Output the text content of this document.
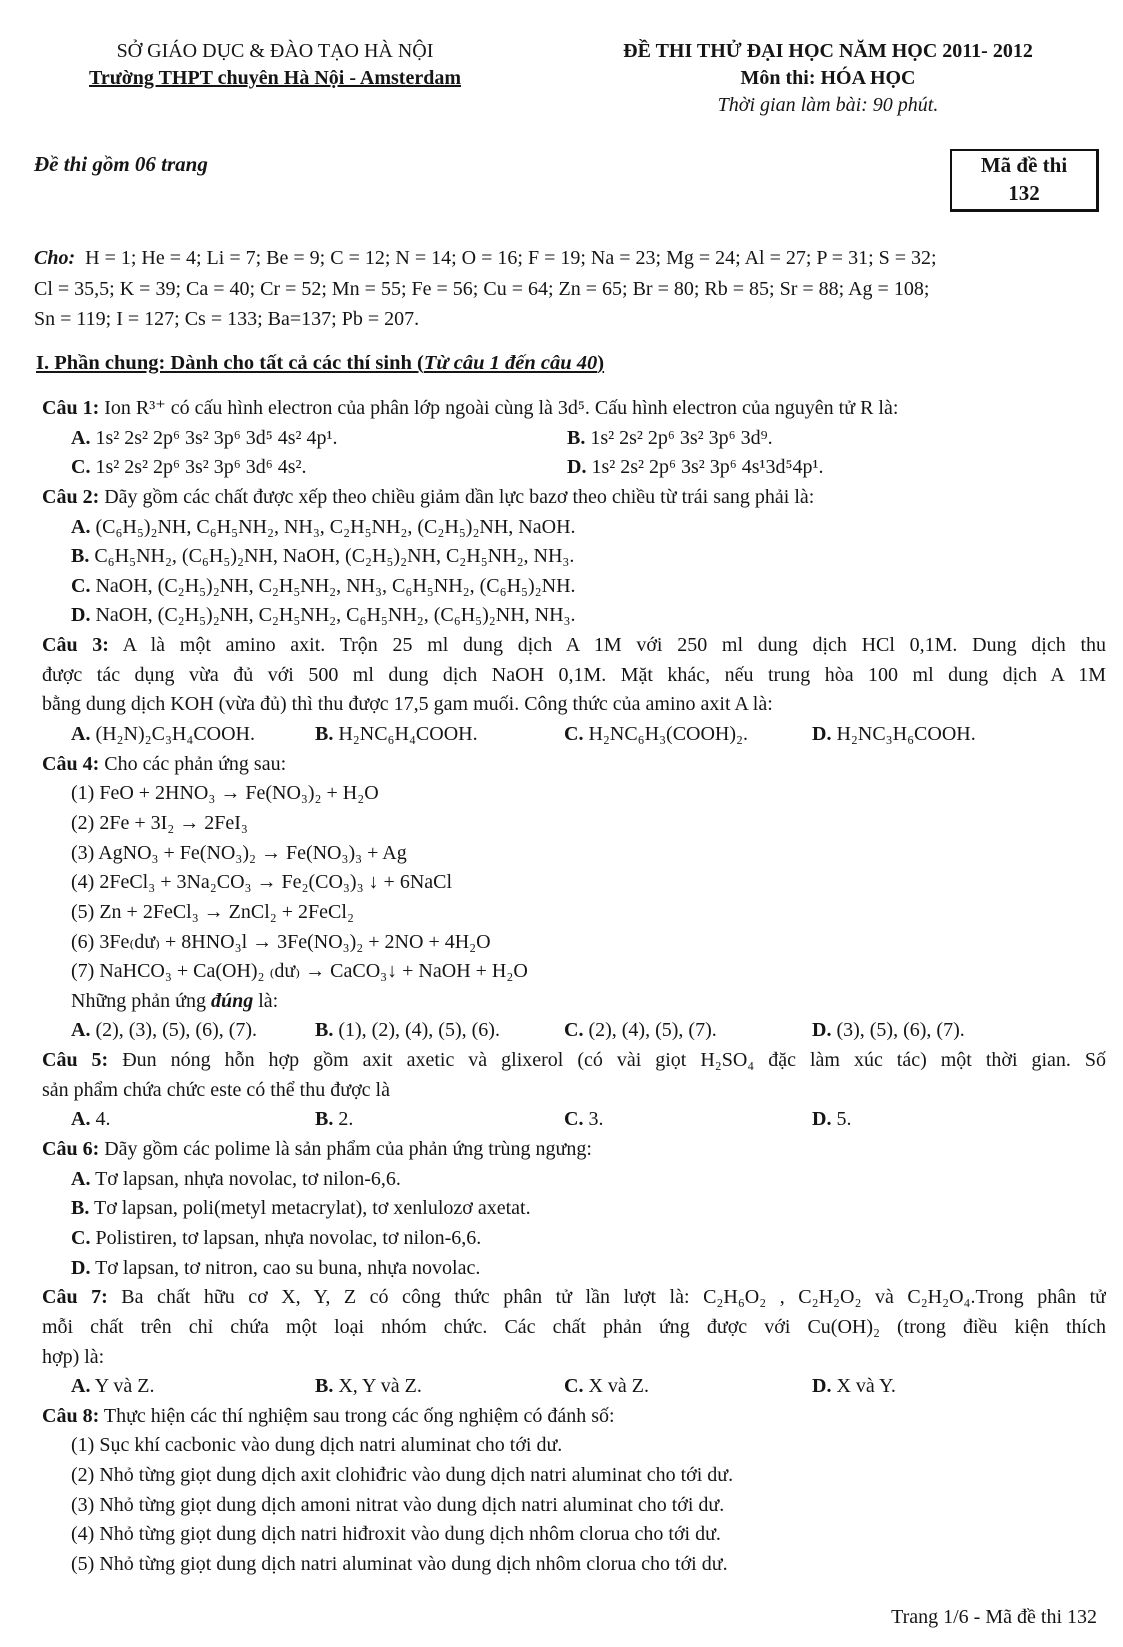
SỞ GIÁO DỤC & ĐÀO TẠO HÀ NỘI
Trường THPT chuyên Hà Nội - Amsterdam
ĐỀ THI THỬ ĐẠI HỌC NĂM HỌC 2011- 2012
Môn thi: HÓA HỌC
Thời gian làm bài: 90 phút.
Đề thi gồm 06 trang	Mã đề thi
132
Cho: H = 1; He = 4; Li = 7; Be = 9; C = 12; N = 14; O = 16; F = 19; Na = 23; Mg = 24; Al = 27; P = 31; S = 32;
Cl = 35,5; K = 39; Ca = 40; Cr = 52; Mn = 55; Fe = 56; Cu = 64; Zn = 65; Br = 80; Rb = 85; Sr = 88; Ag = 108;
Sn = 119; I = 127; Cs = 133; Ba=137; Pb = 207.
I. Phần chung: Dành cho tất cả các thí sinh (Từ câu 1 đến câu 40)
Câu 1: Ion R³⁺ có cấu hình electron của phân lớp ngoài cùng là 3d⁵. Cấu hình electron của nguyên tử R là:
A. 1s² 2s² 2p⁶ 3s² 3p⁶ 3d⁵ 4s² 4p¹.	B. 1s² 2s² 2p⁶ 3s² 3p⁶ 3d⁹.
C. 1s² 2s² 2p⁶ 3s² 3p⁶ 3d⁶ 4s².	D. 1s² 2s² 2p⁶ 3s² 3p⁶ 4s¹3d⁵4p¹.
Câu 2: Dãy gồm các chất được xếp theo chiều giảm dần lực bazơ theo chiều từ trái sang phải là:
A. (C₆H₅)₂NH, C₆H₅NH₂, NH₃, C₂H₅NH₂, (C₂H₅)₂NH, NaOH.
B. C₆H₅NH₂, (C₆H₅)₂NH, NaOH, (C₂H₅)₂NH, C₂H₅NH₂, NH₃.
C. NaOH, (C₂H₅)₂NH, C₂H₅NH₂, NH₃, C₆H₅NH₂, (C₆H₅)₂NH.
D. NaOH, (C₂H₅)₂NH, C₂H₅NH₂, C₆H₅NH₂, (C₆H₅)₂NH, NH₃.
Câu 3: A là một amino axit. Trộn 25 ml dung dịch A 1M với 250 ml dung dịch HCl 0,1M. Dung dịch thu
được tác dụng vừa đủ với 500 ml dung dịch NaOH 0,1M. Mặt khác, nếu trung hòa 100 ml dung dịch A 1M
bằng dung dịch KOH (vừa đủ) thì thu được 17,5 gam muối. Công thức của amino axit A là:
A. (H₂N)₂C₃H₄COOH.	B. H₂NC₆H₄COOH.	C. H₂NC₆H₃(COOH)₂.	D. H₂NC₃H₆COOH.
Câu 4: Cho các phản ứng sau:
(1) FeO + 2HNO₃ → Fe(NO₃)₂ + H₂O
(2) 2Fe + 3I₂ → 2FeI₃
(3) AgNO₃ + Fe(NO₃)₂ → Fe(NO₃)₃ + Ag
(4) 2FeCl₃ + 3Na₂CO₃ → Fe₂(CO₃)₃ ↓ + 6NaCl
(5) Zn + 2FeCl₃ → ZnCl₂ + 2FeCl₂
(6) 3Fe₍dư₎ + 8HNO₃l → 3Fe(NO₃)₂ + 2NO + 4H₂O
(7) NaHCO₃ + Ca(OH)₂ ₍dư₎ → CaCO₃↓ + NaOH + H₂O
Những phản ứng đúng là:
A. (2), (3), (5), (6), (7).	B. (1), (2), (4), (5), (6).	C. (2), (4), (5), (7).	D. (3), (5), (6), (7).
Câu 5: Đun nóng hỗn hợp gồm axit axetic và glixerol (có vài giọt H₂SO₄ đặc làm xúc tác) một thời gian. Số
sản phẩm chứa chức este có thể thu được là
A. 4.	B. 2.	C. 3.	D. 5.
Câu 6: Dãy gồm các polime là sản phẩm của phản ứng trùng ngưng:
A. Tơ lapsan, nhựa novolac, tơ nilon-6,6.
B. Tơ lapsan, poli(metyl metacrylat), tơ xenlulozơ axetat.
C. Polistiren, tơ lapsan, nhựa novolac, tơ nilon-6,6.
D. Tơ lapsan, tơ nitron, cao su buna, nhựa novolac.
Câu 7: Ba chất hữu cơ X, Y, Z có công thức phân tử lần lượt là: C₂H₆O₂ , C₂H₂O₂ và C₂H₂O₄.Trong phân tử
mỗi chất trên chỉ chứa một loại nhóm chức. Các chất phản ứng được với Cu(OH)₂ (trong điều kiện thích
hợp) là:
A. Y và Z.	B. X, Y và Z.	C. X và Z.	D. X và Y.
Câu 8: Thực hiện các thí nghiệm sau trong các ống nghiệm có đánh số:
(1) Sục khí cacbonic vào dung dịch natri aluminat cho tới dư.
(2) Nhỏ từng giọt dung dịch axit clohiđric vào dung dịch natri aluminat cho tới dư.
(3) Nhỏ từng giọt dung dịch amoni nitrat vào dung dịch natri aluminat cho tới dư.
(4) Nhỏ từng giọt dung dịch natri hiđroxit vào dung dịch nhôm clorua cho tới dư.
(5) Nhỏ từng giọt dung dịch natri aluminat vào dung dịch nhôm clorua cho tới dư.
Trang 1/6 - Mã đề thi 132
